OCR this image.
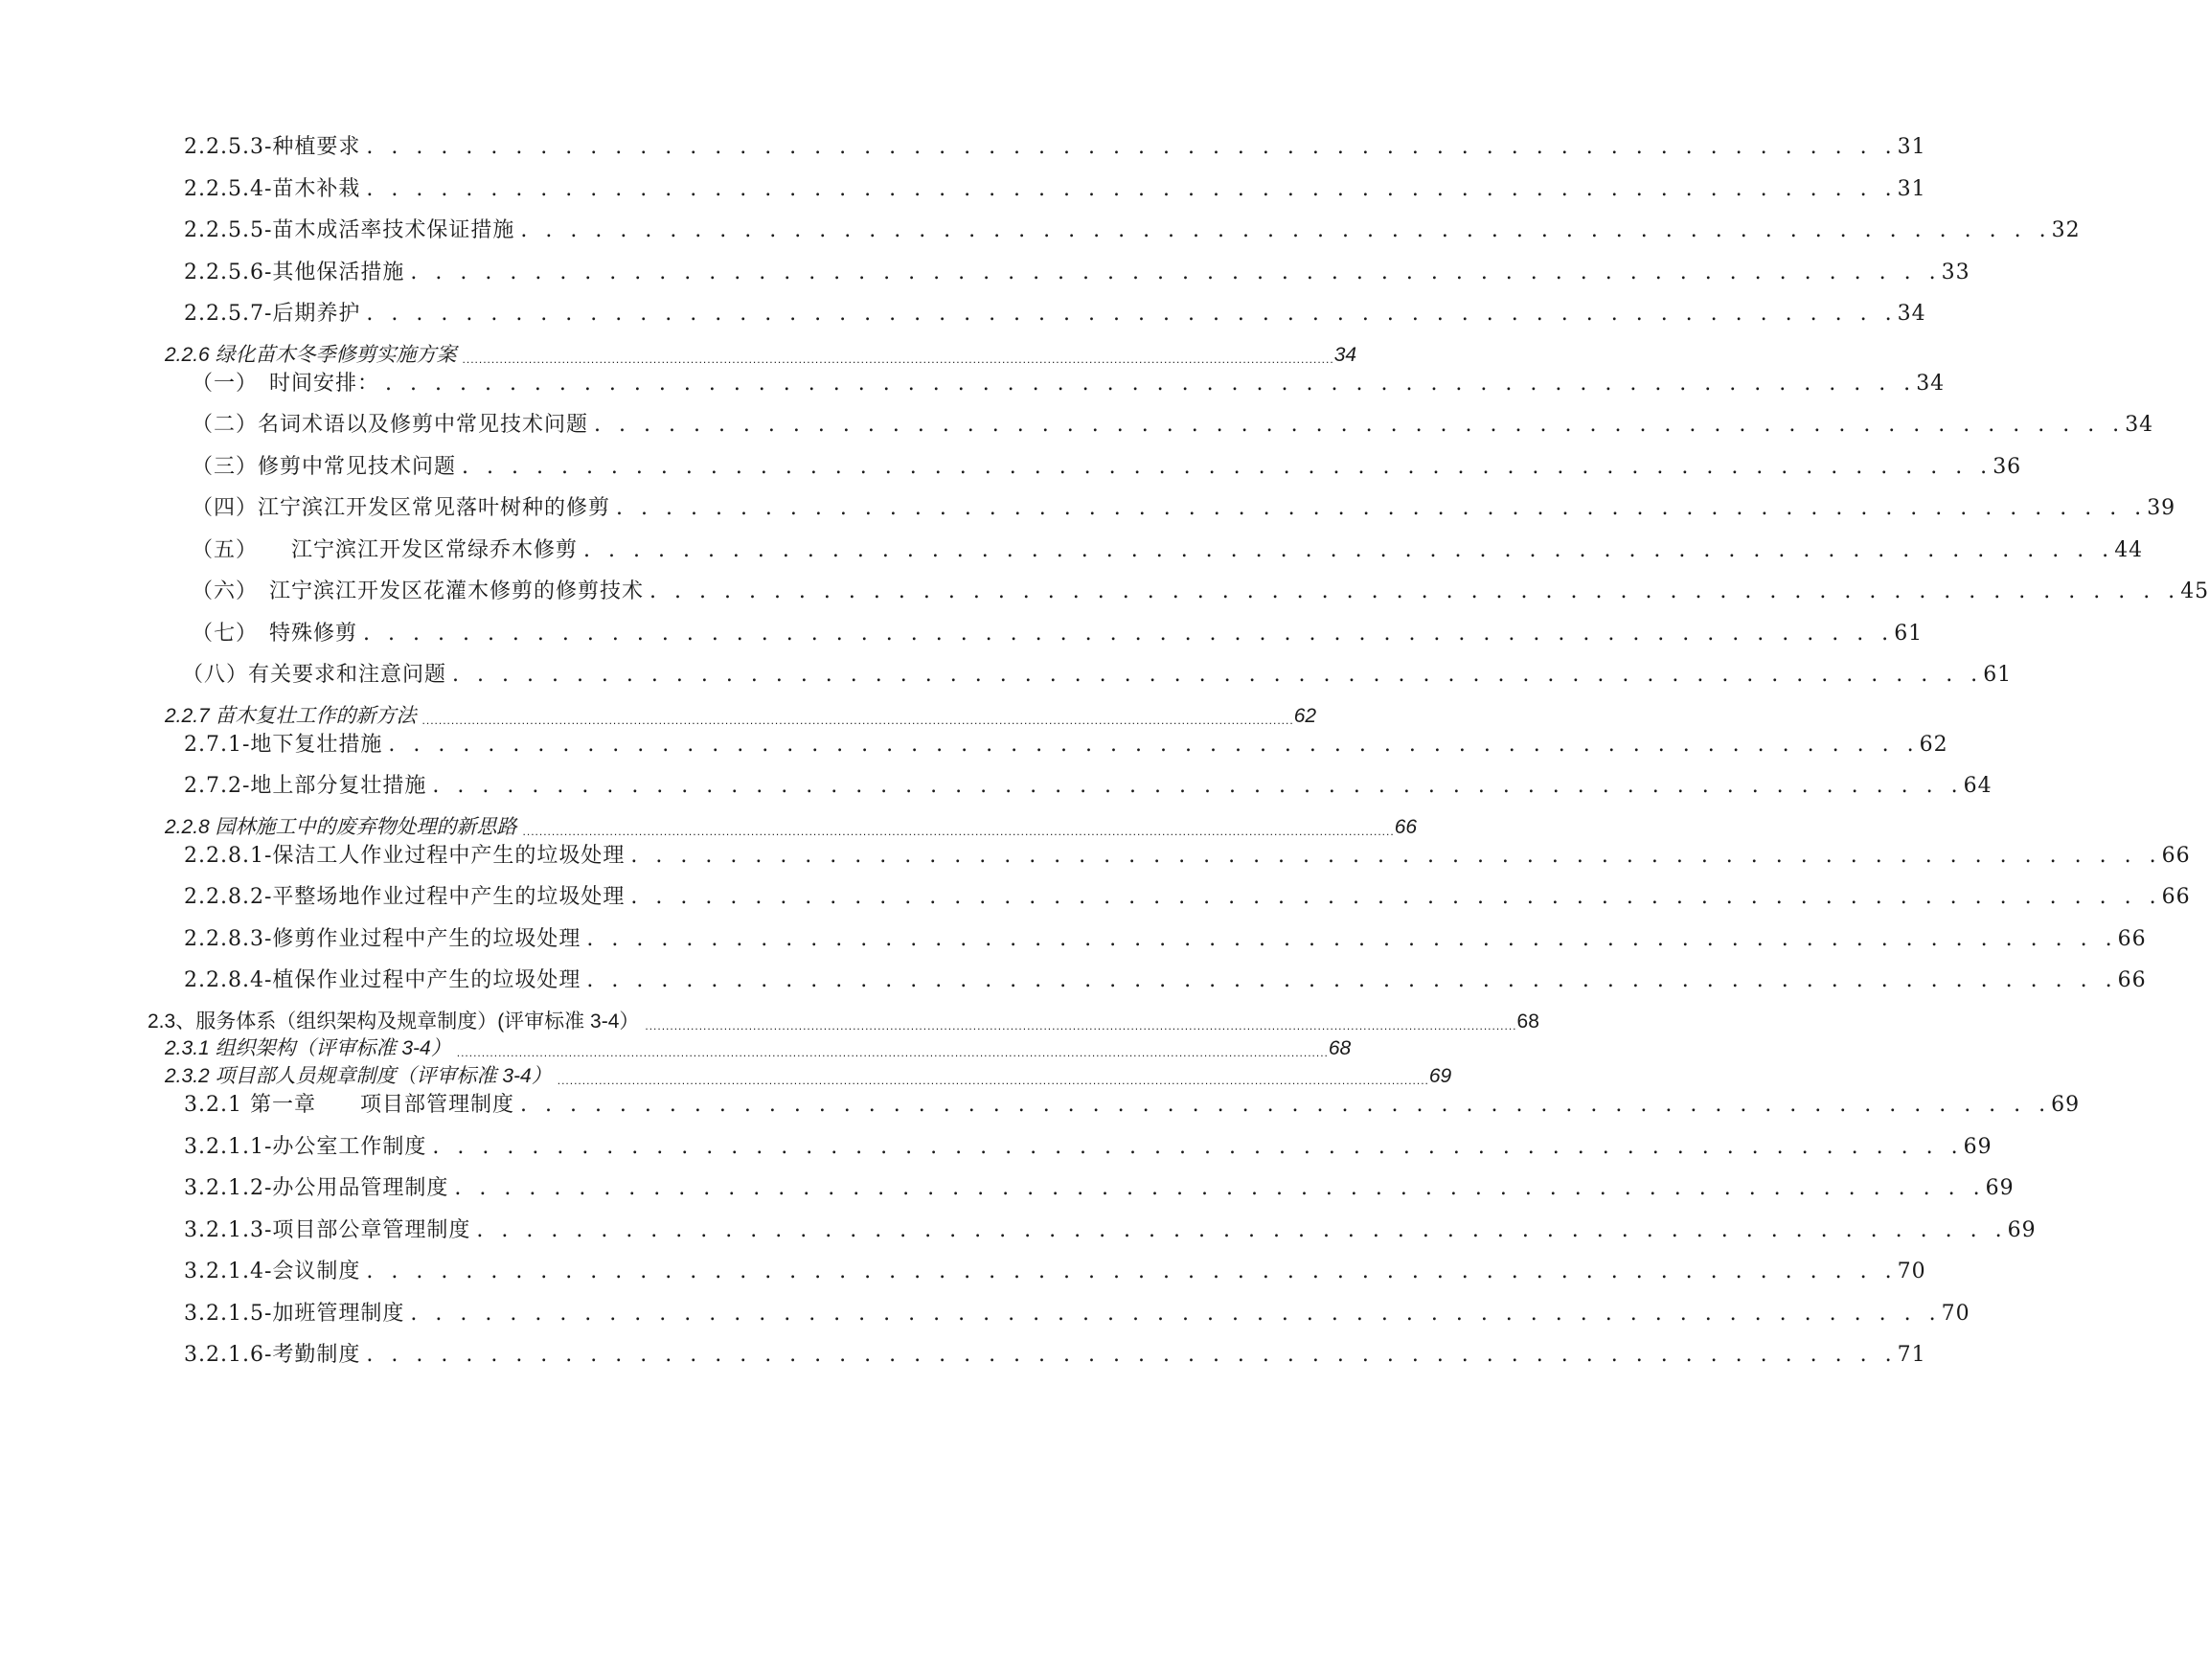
2.2.5.3-种植要求 . . . . . . . . . . . . . . . . . . . . . . . . . . . . . . . . . . . . . . . . . . . . . . . . . . . . . . . . . . . . . . 31
2.2.5.4-苗木补栽 . . . . . . . . . . . . . . . . . . . . . . . . . . . . . . . . . . . . . . . . . . . . . . . . . . . . . . . . . . . . . . 31
2.2.5.5-苗木成活率技术保证措施 . . . . . . . . . . . . . . . . . . . . . . . . . . . . . . . . . . . . . . . . . . . . . . . . . . . . . . . . . . . . . . 32
2.2.5.6-其他保活措施 . . . . . . . . . . . . . . . . . . . . . . . . . . . . . . . . . . . . . . . . . . . . . . . . . . . . . . . . . . . . . . 33
2.2.5.7-后期养护 . . . . . . . . . . . . . . . . . . . . . . . . . . . . . . . . . . . . . . . . . . . . . . . . . . . . . . . . . . . . . . 34
2.2.6 绿化苗木冬季修剪实施方案 .................................................................................................................................................................................................................. 34
（一）　时间安排： . . . . . . . . . . . . . . . . . . . . . . . . . . . . . . . . . . . . . . . . . . . . . . . . . . . . . . . . . . . . . . 34
（二）名词术语以及修剪中常见技术问题 . . . . . . . . . . . . . . . . . . . . . . . . . . . . . . . . . . . . . . . . . . . . . . . . . . . . . . . . . . . . . . 34
（三）修剪中常见技术问题 . . . . . . . . . . . . . . . . . . . . . . . . . . . . . . . . . . . . . . . . . . . . . . . . . . . . . . . . . . . . . . 36
（四）江宁滨江开发区常见落叶树种的修剪 . . . . . . . . . . . . . . . . . . . . . . . . . . . . . . . . . . . . . . . . . . . . . . . . . . . . . . . . . . . . . . 39
（五）　　江宁滨江开发区常绿乔木修剪 . . . . . . . . . . . . . . . . . . . . . . . . . . . . . . . . . . . . . . . . . . . . . . . . . . . . . . . . . . . . . . 44
（六）　江宁滨江开发区花灌木修剪的修剪技术 . . . . . . . . . . . . . . . . . . . . . . . . . . . . . . . . . . . . . . . . . . . . . . . . . . . . . . . . . . . . . . 45
（七）　特殊修剪 . . . . . . . . . . . . . . . . . . . . . . . . . . . . . . . . . . . . . . . . . . . . . . . . . . . . . . . . . . . . . . 61
（八）有关要求和注意问题 . . . . . . . . . . . . . . . . . . . . . . . . . . . . . . . . . . . . . . . . . . . . . . . . . . . . . . . . . . . . . . 61
2.2.7 苗木复壮工作的新方法 .................................................................................................................................................................................................................. 62
2.7.1-地下复壮措施 . . . . . . . . . . . . . . . . . . . . . . . . . . . . . . . . . . . . . . . . . . . . . . . . . . . . . . . . . . . . . . 62
2.7.2-地上部分复壮措施 . . . . . . . . . . . . . . . . . . . . . . . . . . . . . . . . . . . . . . . . . . . . . . . . . . . . . . . . . . . . . . 64
2.2.8 园林施工中的废弃物处理的新思路 .................................................................................................................................................................................................................. 66
2.2.8.1-保洁工人作业过程中产生的垃圾处理 . . . . . . . . . . . . . . . . . . . . . . . . . . . . . . . . . . . . . . . . . . . . . . . . . . . . . . . . . . . . . . 66
2.2.8.2-平整场地作业过程中产生的垃圾处理 . . . . . . . . . . . . . . . . . . . . . . . . . . . . . . . . . . . . . . . . . . . . . . . . . . . . . . . . . . . . . . 66
2.2.8.3-修剪作业过程中产生的垃圾处理 . . . . . . . . . . . . . . . . . . . . . . . . . . . . . . . . . . . . . . . . . . . . . . . . . . . . . . . . . . . . . . 66
2.2.8.4-植保作业过程中产生的垃圾处理 . . . . . . . . . . . . . . . . . . . . . . . . . . . . . . . . . . . . . . . . . . . . . . . . . . . . . . . . . . . . . . 66
2.3、服务体系（组织架构及规章制度）(评审标准 3-4） .................................................................................................................................................................................................................. 68
2.3.1 组织架构（评审标准 3-4） .................................................................................................................................................................................................................. 68
2.3.2 项目部人员规章制度（评审标准 3-4） .................................................................................................................................................................................................................. 69
3.2.1 第一章　　项目部管理制度 . . . . . . . . . . . . . . . . . . . . . . . . . . . . . . . . . . . . . . . . . . . . . . . . . . . . . . . . . . . . . . 69
3.2.1.1-办公室工作制度 . . . . . . . . . . . . . . . . . . . . . . . . . . . . . . . . . . . . . . . . . . . . . . . . . . . . . . . . . . . . . . 69
3.2.1.2-办公用品管理制度 . . . . . . . . . . . . . . . . . . . . . . . . . . . . . . . . . . . . . . . . . . . . . . . . . . . . . . . . . . . . . . 69
3.2.1.3-项目部公章管理制度 . . . . . . . . . . . . . . . . . . . . . . . . . . . . . . . . . . . . . . . . . . . . . . . . . . . . . . . . . . . . . . 69
3.2.1.4-会议制度 . . . . . . . . . . . . . . . . . . . . . . . . . . . . . . . . . . . . . . . . . . . . . . . . . . . . . . . . . . . . . . 70
3.2.1.5-加班管理制度 . . . . . . . . . . . . . . . . . . . . . . . . . . . . . . . . . . . . . . . . . . . . . . . . . . . . . . . . . . . . . . 70
3.2.1.6-考勤制度 . . . . . . . . . . . . . . . . . . . . . . . . . . . . . . . . . . . . . . . . . . . . . . . . . . . . . . . . . . . . . . 71
